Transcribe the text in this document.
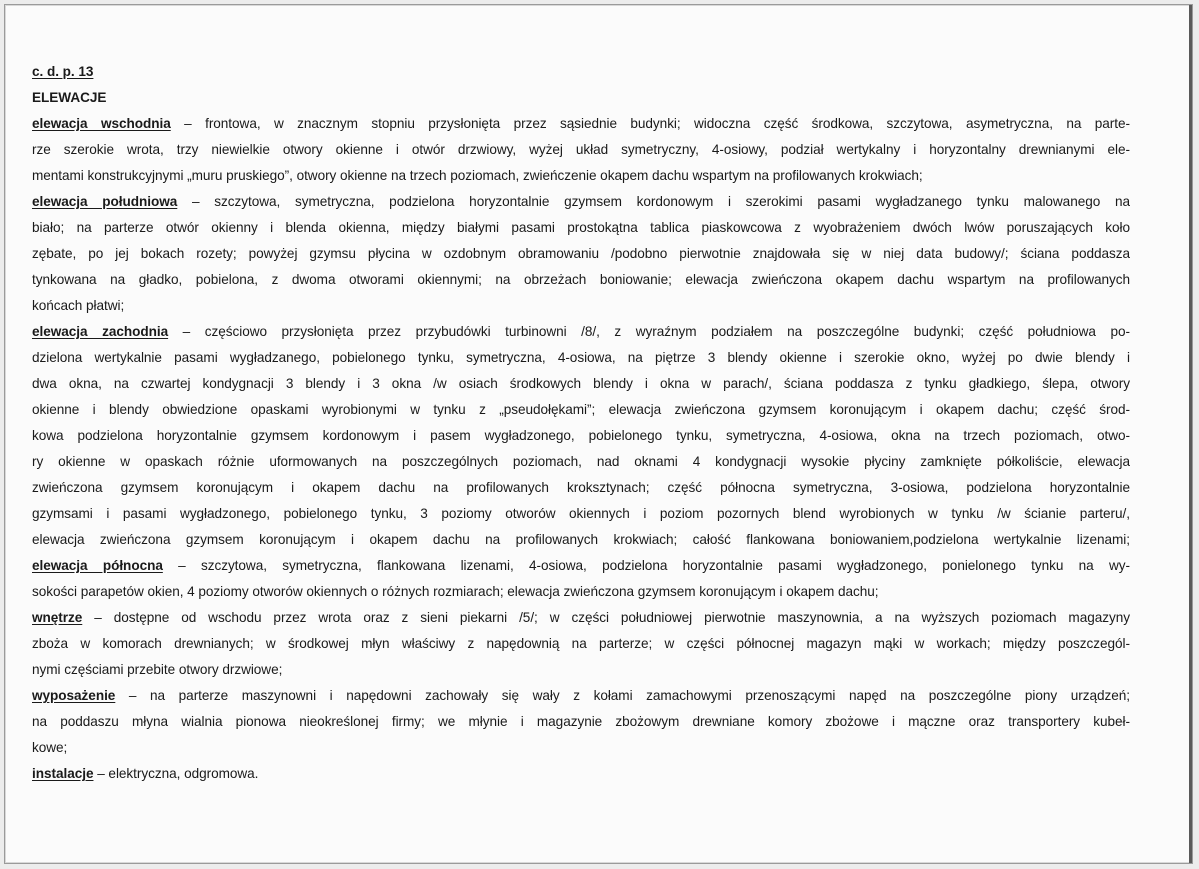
c. d. p. 13
ELEWACJE
elewacja wschodnia – frontowa, w znacznym stopniu przysłonięta przez sąsiednie budynki; widoczna część środkowa, szczytowa, asymetryczna, na parte-
rze szerokie wrota, trzy niewielkie otwory okienne i otwór drzwiowy, wyżej układ symetryczny, 4-osiowy, podział wertykalny i horyzontalny drewnianymi ele-
mentami konstrukcyjnymi „muru pruskiego”, otwory okienne na trzech poziomach, zwieńczenie okapem dachu wspartym na profilowanych krokwiach;
elewacja południowa – szczytowa, symetryczna, podzielona horyzontalnie gzymsem kordonowym i szerokimi pasami wygładzanego tynku malowanego na
biało; na parterze otwór okienny i blenda okienna, między białymi pasami prostokątna tablica piaskowcowa z wyobrażeniem dwóch lwów poruszających koło
zębate, po jej bokach rozety; powyżej gzymsu płycina w ozdobnym obramowaniu /podobno pierwotnie znajdowała się w niej data budowy/; ściana poddasza
tynkowana na gładko, pobielona, z dwoma otworami okiennymi; na obrzeżach boniowanie; elewacja zwieńczona okapem dachu wspartym na profilowanych
końcach płatwi;
elewacja zachodnia – częściowo przysłonięta przez przybudówki turbinowni /8/, z wyraźnym podziałem na poszczególne budynki; część południowa po-
dzielona wertykalnie pasami wygładzanego, pobielonego tynku, symetryczna, 4-osiowa, na piętrze 3 blendy okienne i szerokie okno, wyżej po dwie blendy i
dwa okna, na czwartej kondygnacji 3 blendy i 3 okna /w osiach środkowych blendy i okna w parach/, ściana poddasza z tynku gładkiego, ślepa, otwory
okienne i blendy obwiedzione opaskami wyrobionymi w tynku z „pseudołękami”; elewacja zwieńczona gzymsem koronującym i okapem dachu; część środ-
kowa podzielona horyzontalnie gzymsem kordonowym i pasem wygładzonego, pobielonego tynku, symetryczna, 4-osiowa, okna na trzech poziomach, otwo-
ry okienne w opaskach różnie uformowanych na poszczególnych poziomach, nad oknami 4 kondygnacji wysokie płyciny zamknięte półkoliście, elewacja
zwieńczona gzymsem koronującym i okapem dachu na profilowanych kroksztynach; część północna symetryczna, 3-osiowa, podzielona horyzontalnie
gzymsami i pasami wygładzonego, pobielonego tynku, 3 poziomy otworów okiennych i poziom pozornych blend wyrobionych w tynku /w ścianie parteru/,
elewacja zwieńczona gzymsem koronującym i okapem dachu na profilowanych krokwiach; całość flankowana boniowaniem,podzielona wertykalnie lizenami;
elewacja północna – szczytowa, symetryczna, flankowana lizenami, 4-osiowa, podzielona horyzontalnie pasami wygładzonego, ponielonego tynku na wy-
sokości parapetów okien, 4 poziomy otworów okiennych o różnych rozmiarach; elewacja zwieńczona gzymsem koronującym i okapem dachu;
wnętrze – dostępne od wschodu przez wrota oraz z sieni piekarni /5/; w części południowej pierwotnie maszynownia, a na wyższych poziomach magazyny
zboża w komorach drewnianych; w środkowej młyn właściwy z napędownią na parterze; w części północnej magazyn mąki w workach; między poszczegól-
nymi częściami przebite otwory drzwiowe;
wyposażenie – na parterze maszynowni i napędowni zachowały się wały z kołami zamachowymi przenoszącymi napęd na poszczególne piony urządzeń;
na poddaszu młyna wialnia pionowa nieokreślonej firmy; we młynie i magazynie zbożowym drewniane komory zbożowe i mączne oraz transportery kubeł-
kowe;
instalacje – elektryczna, odgromowa.
